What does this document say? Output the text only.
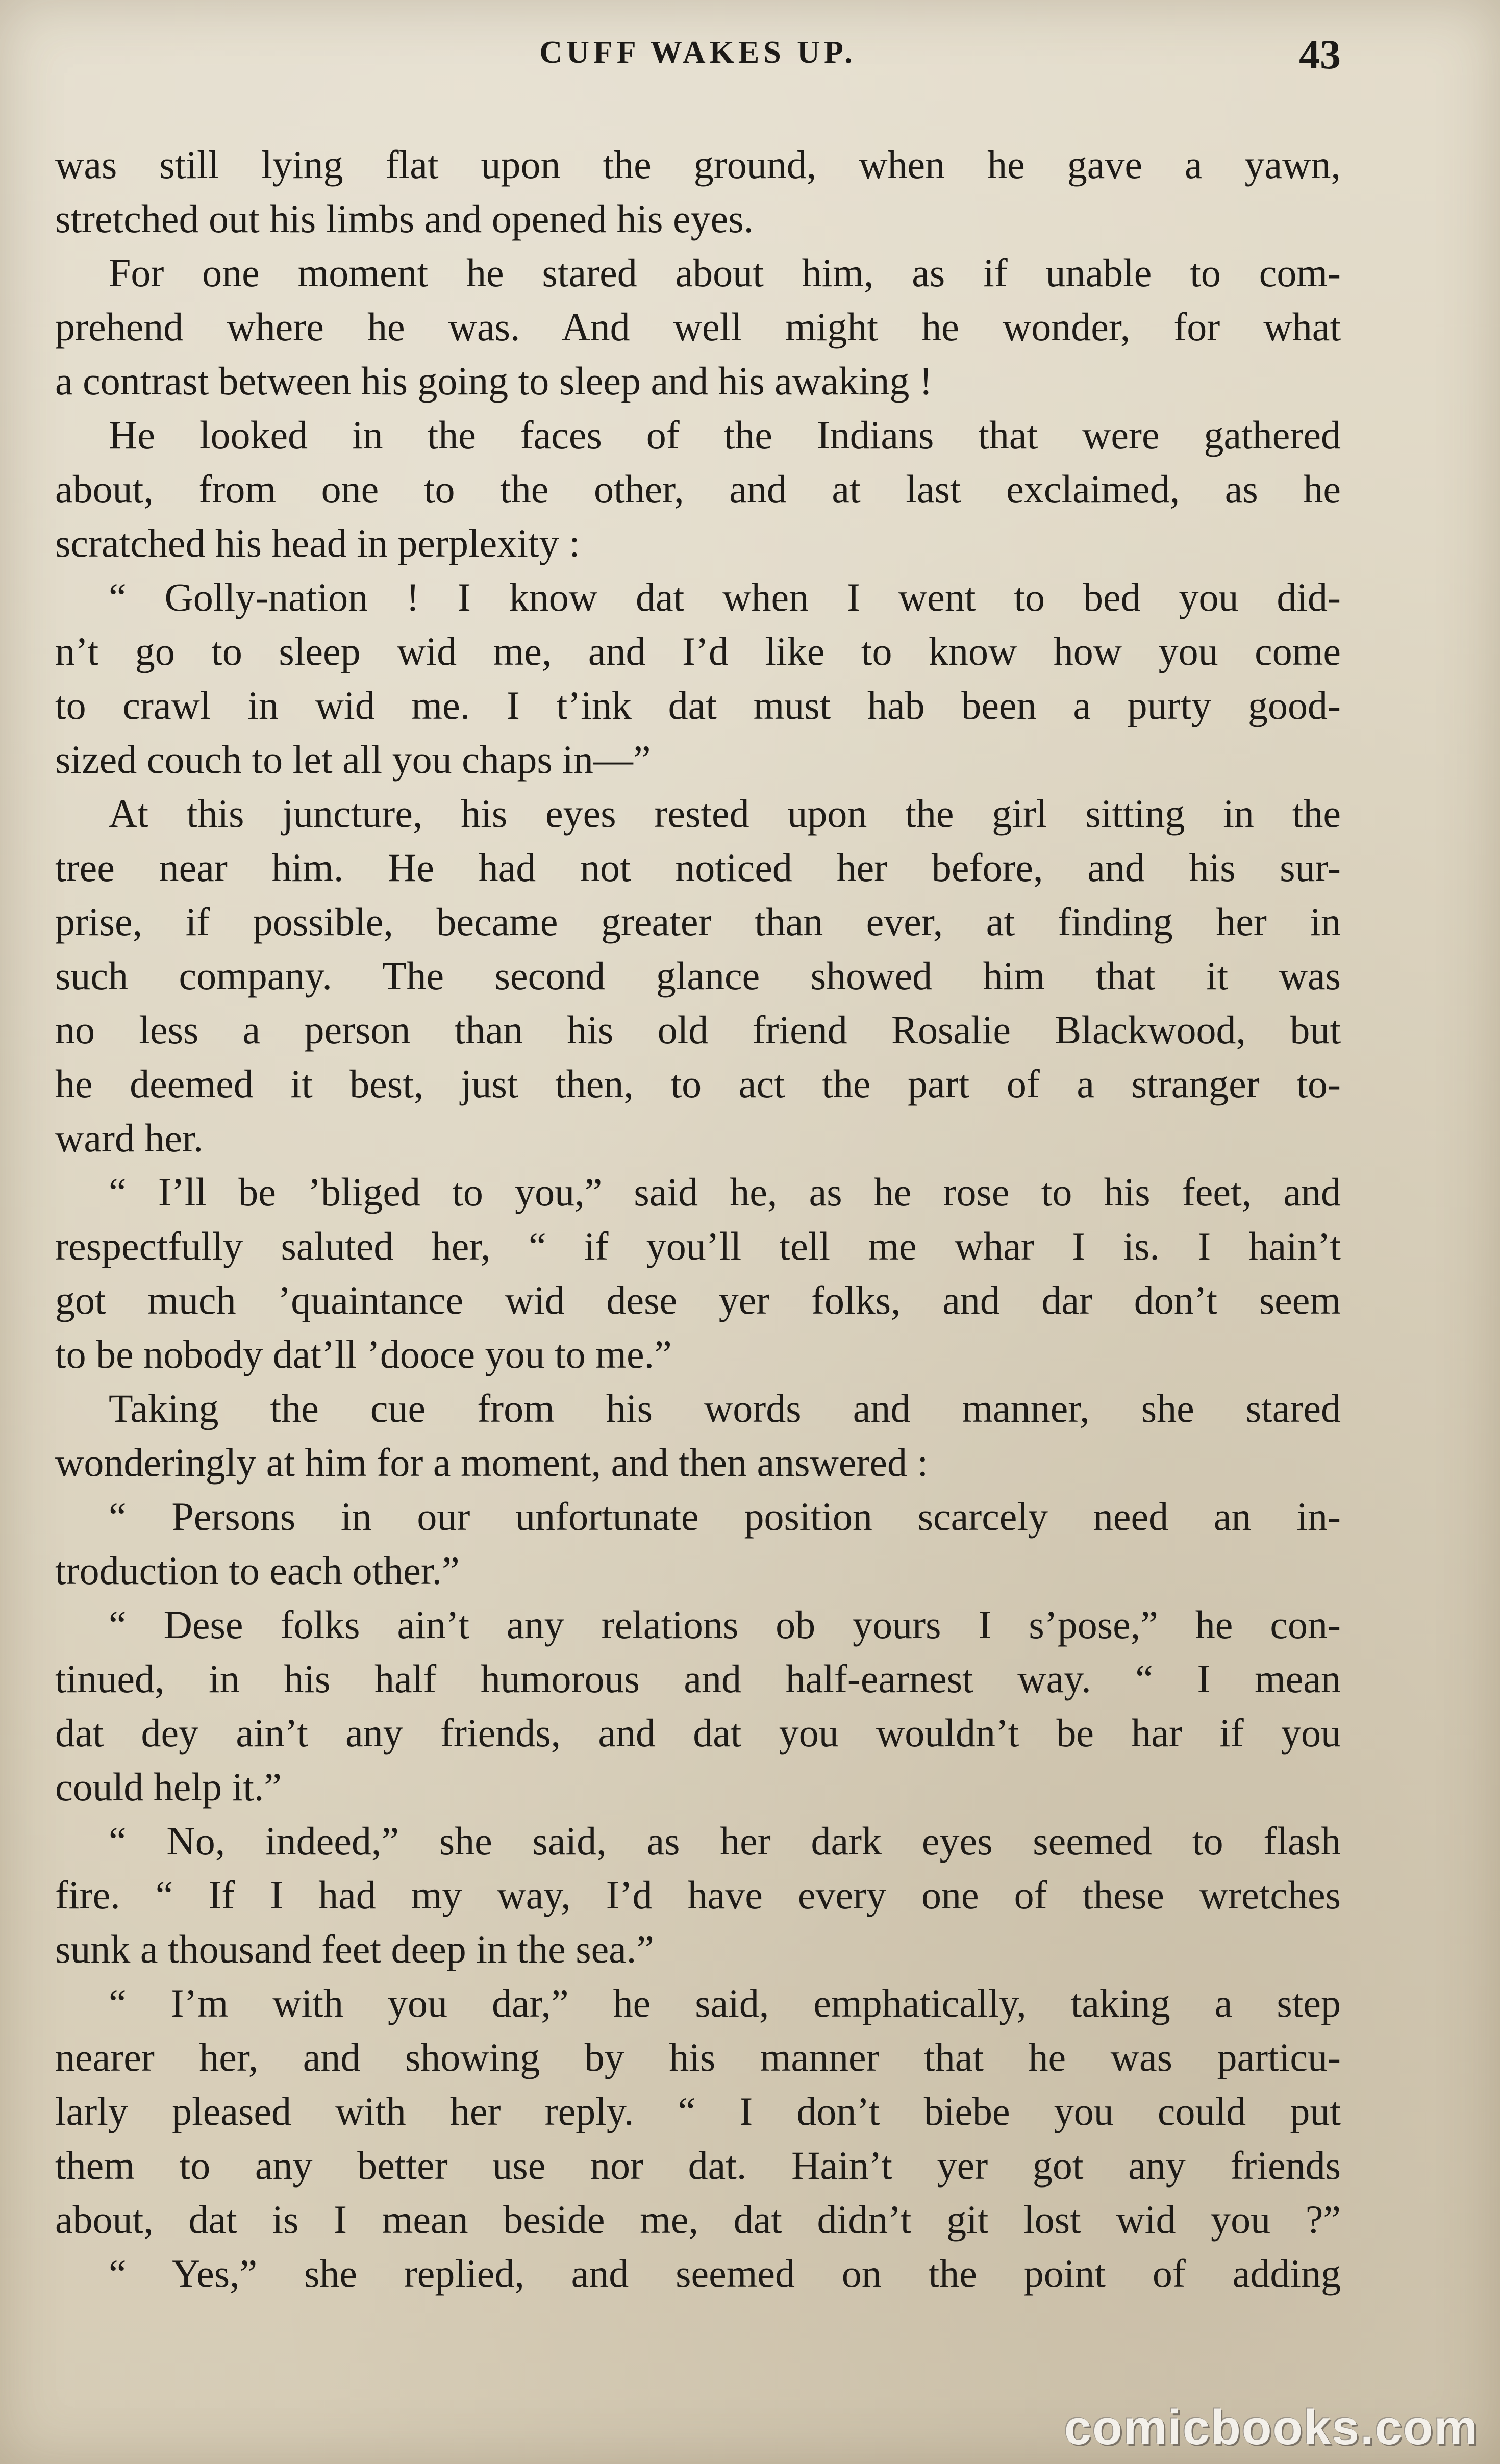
CUFF WAKES UP.	43
was still lying flat upon the ground, when he gave a yawn,
stretched out his limbs and opened his eyes.
For one moment he stared about him, as if unable to com-
prehend where he was. And well might he wonder, for what
a contrast between his going to sleep and his awaking !
He looked in the faces of the Indians that were gathered
about, from one to the other, and at last exclaimed, as he
scratched his head in perplexity :
“ Golly-nation ! I know dat when I went to bed you did-
n’t go to sleep wid me, and I’d like to know how you come
to crawl in wid me. I t’ink dat must hab been a purty good-
sized couch to let all you chaps in—”
At this juncture, his eyes rested upon the girl sitting in the
tree near him. He had not noticed her before, and his sur-
prise, if possible, became greater than ever, at finding her in
such company. The second glance showed him that it was
no less a person than his old friend Rosalie Blackwood, but
he deemed it best, just then, to act the part of a stranger to-
ward her.
“ I’ll be ’bliged to you,” said he, as he rose to his feet, and
respectfully saluted her, “ if you’ll tell me whar I is. I hain’t
got much ’quaintance wid dese yer folks, and dar don’t seem
to be nobody dat’ll ’dooce you to me.”
Taking the cue from his words and manner, she stared
wonderingly at him for a moment, and then answered :
“ Persons in our unfortunate position scarcely need an in-
troduction to each other.”
“ Dese folks ain’t any relations ob yours I s’pose,” he con-
tinued, in his half humorous and half-earnest way. “ I mean
dat dey ain’t any friends, and dat you wouldn’t be har if you
could help it.”
“ No, indeed,” she said, as her dark eyes seemed to flash
fire. “ If I had my way, I’d have every one of these wretches
sunk a thousand feet deep in the sea.”
“ I’m with you dar,” he said, emphatically, taking a step
nearer her, and showing by his manner that he was particu-
larly pleased with her reply. “ I don’t biebe you could put
them to any better use nor dat. Hain’t yer got any friends
about, dat is I mean beside me, dat didn’t git lost wid you ?”
“ Yes,” she replied, and seemed on the point of adding
comicbooks.com
